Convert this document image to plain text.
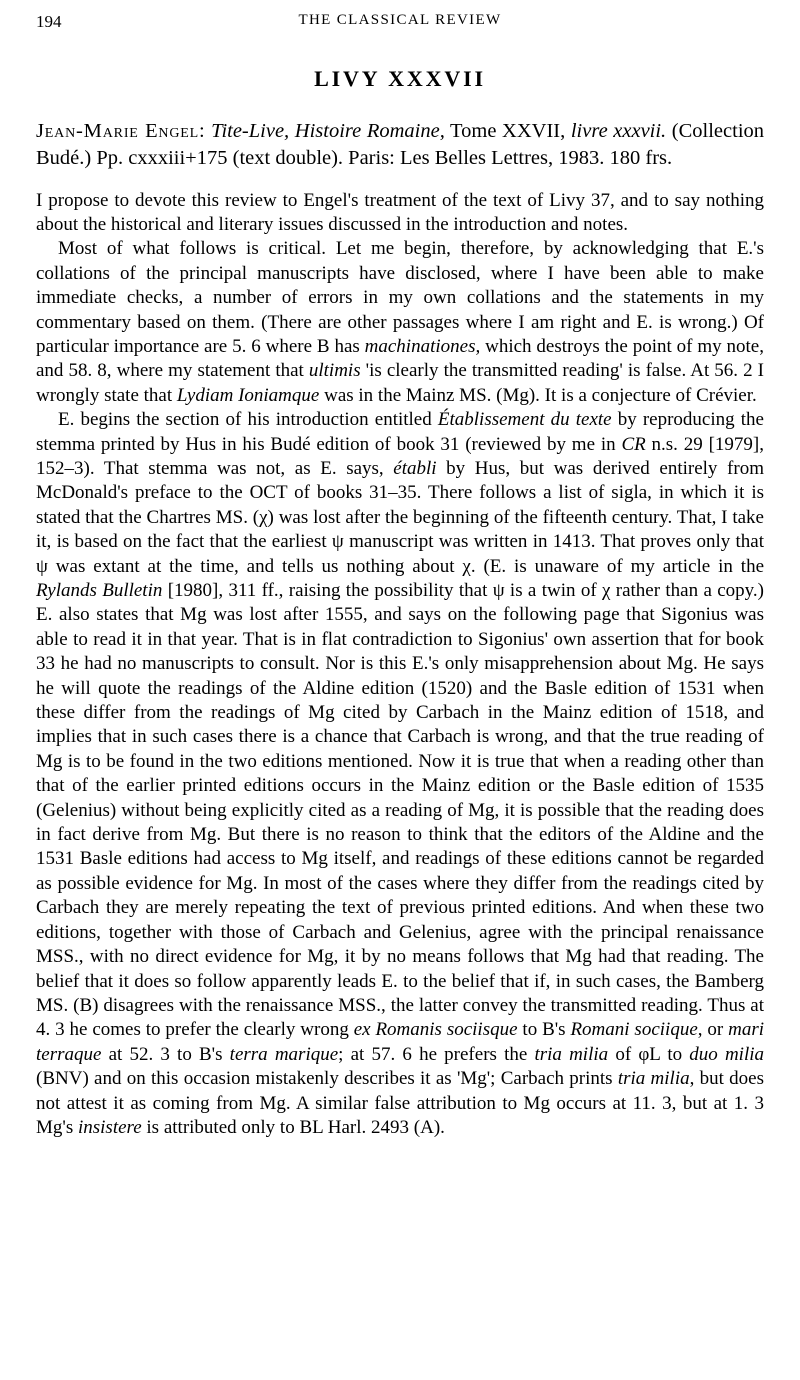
194	THE CLASSICAL REVIEW
LIVY XXXVII
Jean-Marie Engel: Tite-Live, Histoire Romaine, Tome XXVII, livre xxxvii. (Collection Budé.) Pp. cxxxiii+175 (text double). Paris: Les Belles Lettres, 1983. 180 frs.

I propose to devote this review to Engel's treatment of the text of Livy 37, and to say nothing about the historical and literary issues discussed in the introduction and notes.

Most of what follows is critical. Let me begin, therefore, by acknowledging that E.'s collations of the principal manuscripts have disclosed, where I have been able to make immediate checks, a number of errors in my own collations and the statements in my commentary based on them. (There are other passages where I am right and E. is wrong.) Of particular importance are 5. 6 where B has machinationes, which destroys the point of my note, and 58. 8, where my statement that ultimis 'is clearly the transmitted reading' is false. At 56. 2 I wrongly state that Lydiam Ioniamque was in the Mainz MS. (Mg). It is a conjecture of Crévier.

E. begins the section of his introduction entitled Établissement du texte by reproducing the stemma printed by Hus in his Budé edition of book 31 (reviewed by me in CR n.s. 29 [1979], 152–3). That stemma was not, as E. says, établi by Hus, but was derived entirely from McDonald's preface to the OCT of books 31–35. There follows a list of sigla, in which it is stated that the Chartres MS. (χ) was lost after the beginning of the fifteenth century. That, I take it, is based on the fact that the earliest ψ manuscript was written in 1413. That proves only that ψ was extant at the time, and tells us nothing about χ. (E. is unaware of my article in the Rylands Bulletin [1980], 311 ff., raising the possibility that ψ is a twin of χ rather than a copy.) E. also states that Mg was lost after 1555, and says on the following page that Sigonius was able to read it in that year. That is in flat contradiction to Sigonius' own assertion that for book 33 he had no manuscripts to consult. Nor is this E.'s only misapprehension about Mg. He says he will quote the readings of the Aldine edition (1520) and the Basle edition of 1531 when these differ from the readings of Mg cited by Carbach in the Mainz edition of 1518, and implies that in such cases there is a chance that Carbach is wrong, and that the true reading of Mg is to be found in the two editions mentioned. Now it is true that when a reading other than that of the earlier printed editions occurs in the Mainz edition or the Basle edition of 1535 (Gelenius) without being explicitly cited as a reading of Mg, it is possible that the reading does in fact derive from Mg. But there is no reason to think that the editors of the Aldine and the 1531 Basle editions had access to Mg itself, and readings of these editions cannot be regarded as possible evidence for Mg. In most of the cases where they differ from the readings cited by Carbach they are merely repeating the text of previous printed editions. And when these two editions, together with those of Carbach and Gelenius, agree with the principal renaissance MSS., with no direct evidence for Mg, it by no means follows that Mg had that reading. The belief that it does so follow apparently leads E. to the belief that if, in such cases, the Bamberg MS. (B) disagrees with the renaissance MSS., the latter convey the transmitted reading. Thus at 4. 3 he comes to prefer the clearly wrong ex Romanis sociisque to B's Romani sociique, or mari terraque at 52. 3 to B's terra marique; at 57. 6 he prefers the tria milia of φL to duo milia (BNV) and on this occasion mistakenly describes it as 'Mg'; Carbach prints tria milia, but does not attest it as coming from Mg. A similar false attribution to Mg occurs at 11. 3, but at 1. 3 Mg's insistere is attributed only to BL Harl. 2493 (A).
